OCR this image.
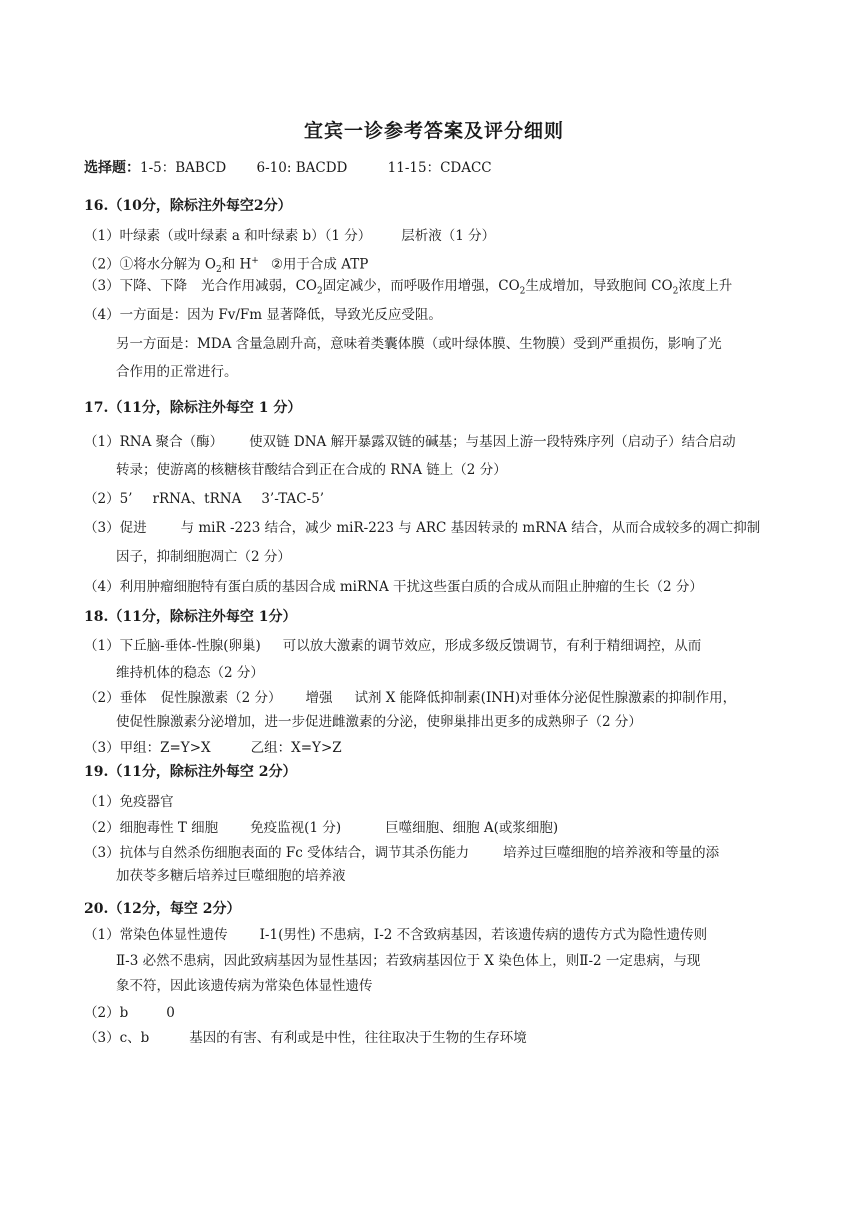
宜宾一诊参考答案及评分细则
选择题：1-5：BABCD 6-10: BACDD	11-15：CDACC
16.（10分，除标注外每空2分）
（1）叶绿素（或叶绿素 a 和叶绿素 b）（1 分） 层析液（1 分）
（2）①将水分解为 $O_2$和 H+ ②用于合成 ATP
（3）下降、下降 光合作用减弱，$CO_2$固定减少，而呼吸作用增强，$CO_2$生成增加，导致胞间 $CO_2$浓度上升
（4）一方面是：因为 Fv/Fm 显著降低，导致光反应受阻。
另一方面是：MDA 含量急剧升高，意味着类囊体膜（或叶绿体膜、生物膜）受到严重损伤，影响了光
合作用的正常进行。
17.（11分，除标注外每空 1 分）
（1）RNA 聚合（酶） 使双链 DNA 解开暴露双链的碱基；与基因上游一段特殊序列（启动子）结合启动
转录；使游离的核糖核苷酸结合到正在合成的 RNA 链上（2 分）
（2）5’ rRNA、tRNA 3’-TAC-5’
（3）促进	与 miR -223 结合，减少 miR-223 与 ARC 基因转录的 mRNA 结合，从而合成较多的凋亡抑制
因子，抑制细胞凋亡（2 分）
（4）利用肿瘤细胞特有蛋白质的基因合成 miRNA 干扰这些蛋白质的合成从而阻止肿瘤的生长（2 分）
18.（11分，除标注外每空 1分）
（1）下丘脑-垂体-性腺(卵巢) 可以放大激素的调节效应，形成多级反馈调节，有利于精细调控，从而
维持机体的稳态（2 分）
（2）垂体 促性腺激素（2 分） 增强 试剂 X 能降低抑制素(INH)对垂体分泌促性腺激素的抑制作用，
使促性腺激素分泌增加，进一步促进雌激素的分泌，使卵巢排出更多的成熟卵子（2 分）
（3）甲组：Z=Y>X	乙组：X=Y>Z
19.（11分，除标注外每空 2分）
（1）免疫器官
（2）细胞毒性 T 细胞 免疫监视(1 分)	巨噬细胞、细胞 A(或浆细胞)
（3）抗体与自然杀伤细胞表面的 Fc 受体结合，调节其杀伤能力	培养过巨噬细胞的培养液和等量的添
加茯苓多糖后培养过巨噬细胞的培养液
20.（12分，每空 2分）
（1）常染色体显性遗传 Ⅰ-1(男性) 不患病，Ⅰ-2 不含致病基因，若该遗传病的遗传方式为隐性遗传则
Ⅱ-3 必然不患病，因此致病基因为显性基因；若致病基因位于 X 染色体上，则Ⅱ-2 一定患病，与现
象不符，因此该遗传病为常染色体显性遗传
（2）b	0
（3）c、b	基因的有害、有利或是中性，往往取决于生物的生存环境
